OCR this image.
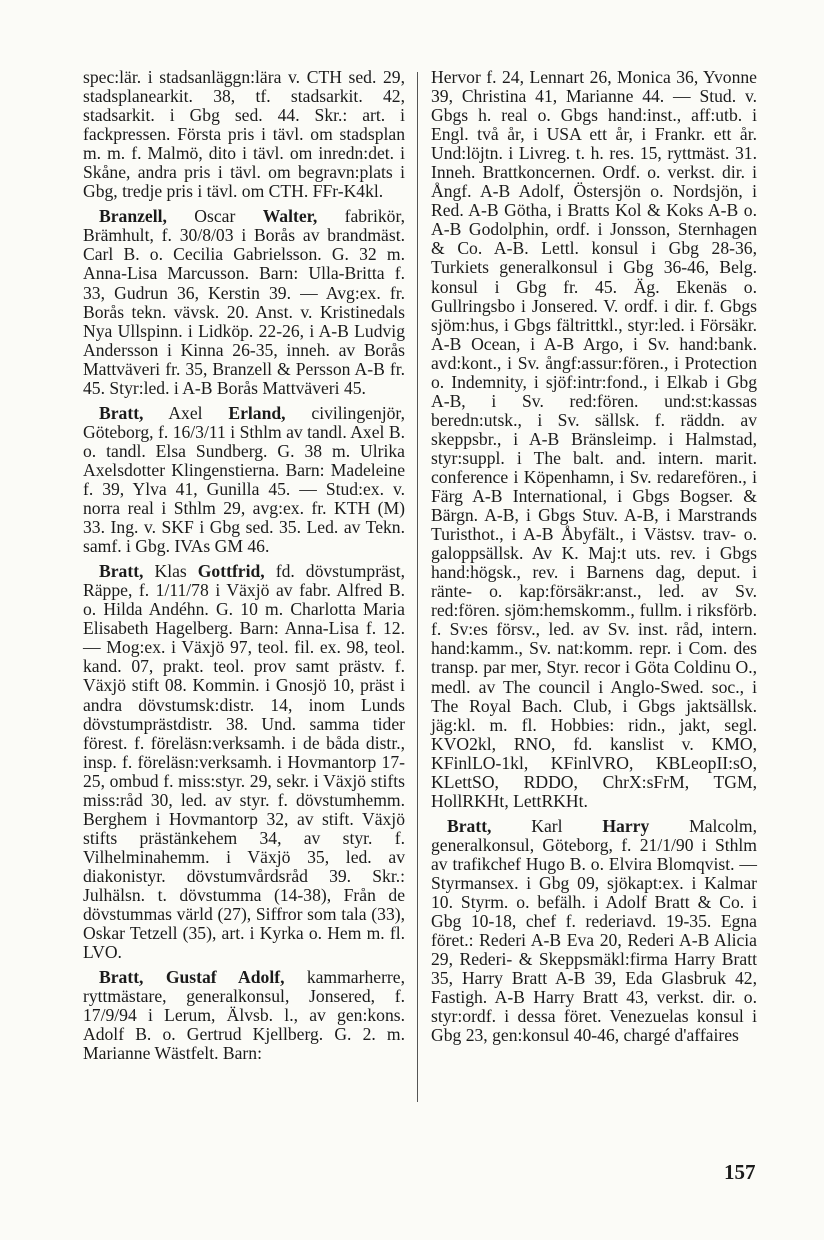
spec:lär. i stadsanläggn:lära v. CTH sed. 29, stadsplanearkit. 38, tf. stadsarkit. 42, stadsarkit. i Gbg sed. 44. Skr.: art. i fackpressen. Första pris i tävl. om stadsplan m. m. f. Malmö, dito i tävl. om inredn:det. i Skåne, andra pris i tävl. om begravn:plats i Gbg, tredje pris i tävl. om CTH. FFr-K4kl.

Branzell, Oscar Walter, fabrikör, Brämhult, f. 30/8/03 i Borås av brandmäst. Carl B. o. Cecilia Gabrielsson. G. 32 m. Anna-Lisa Marcusson. Barn: Ulla-Britta f. 33, Gudrun 36, Kerstin 39. — Avg:ex. fr. Borås tekn. vävsk. 20. Anst. v. Kristinedals Nya Ullspinn. i Lidköp. 22-26, i A-B Ludvig Andersson i Kinna 26-35, inneh. av Borås Mattväveri fr. 35, Branzell & Persson A-B fr. 45. Styr:led. i A-B Borås Mattväveri 45.

Bratt, Axel Erland, civilingenjör, Göteborg, f. 16/3/11 i Sthlm av tandl. Axel B. o. tandl. Elsa Sundberg. G. 38 m. Ulrika Axelsdotter Klingenstierna. Barn: Madeleine f. 39, Ylva 41, Gunilla 45. — Stud:ex. v. norra real i Sthlm 29, avg:ex. fr. KTH (M) 33. Ing. v. SKF i Gbg sed. 35. Led. av Tekn. samf. i Gbg. IVAs GM 46.

Bratt, Klas Gottfrid, fd. dövstumpräst, Räppe, f. 1/11/78 i Växjö av fabr. Alfred B. o. Hilda Andéhn. G. 10 m. Charlotta Maria Elisabeth Hagelberg. Barn: Anna-Lisa f. 12. — Mog:ex. i Växjö 97, teol. fil. ex. 98, teol. kand. 07, prakt. teol. prov samt prästv. f. Växjö stift 08. Kommin. i Gnosjö 10, präst i andra dövstumsk:distr. 14, inom Lunds dövstumprästdistr. 38. Und. samma tider förest. f. föreläsn:verksamh. i de båda distr., insp. f. föreläsn:verksamh. i Hovmantorp 17-25, ombud f. miss:styr. 29, sekr. i Växjö stifts miss:råd 30, led. av styr. f. dövstumhemm. Berghem i Hovmantorp 32, av stift. Växjö stifts prästänkehem 34, av styr. f. Vilhelminahemm. i Växjö 35, led. av diakonistyr. dövstumvårdsråd 39. Skr.: Julhälsn. t. dövstumma (14-38), Från de dövstummas värld (27), Siffror som tala (33), Oskar Tetzell (35), art. i Kyrka o. Hem m. fl. LVO.

Bratt, Gustaf Adolf, kammarherre, ryttmästare, generalkonsul, Jonsered, f. 17/9/94 i Lerum, Älvsb. l., av gen:kons. Adolf B. o. Gertrud Kjellberg. G. 2. m. Marianne Wästfelt. Barn:

Hervor f. 24, Lennart 26, Monica 36, Yvonne 39, Christina 41, Marianne 44. — Stud. v. Gbgs h. real o. Gbgs hand:inst., aff:utb. i Engl. två år, i USA ett år, i Frankr. ett år. Und:löjtn. i Livreg. t. h. res. 15, ryttmäst. 31. Inneh. Brattkoncernen. Ordf. o. verkst. dir. i Ångf. A-B Adolf, Östersjön o. Nordsjön, i Red. A-B Götha, i Bratts Kol & Koks A-B o. A-B Godolphin, ordf. i Jonsson, Sternhagen & Co. A-B. Lettl. konsul i Gbg 28-36, Turkiets generalkonsul i Gbg 36-46, Belg. konsul i Gbg fr. 45. Äg. Ekenäs o. Gullringsbo i Jonsered. V. ordf. i dir. f. Gbgs sjöm:hus, i Gbgs fältrittkl., styr:led. i Försäkr. A-B Ocean, i A-B Argo, i Sv. hand:bank. avd:kont., i Sv. ångf:assur:fören., i Protection o. Indemnity, i sjöf:intr:fond., i Elkab i Gbg A-B, i Sv. red:fören. und:st:kassas beredn:utsk., i Sv. sällsk. f. räddn. av skeppsbr., i A-B Bränsleimp. i Halmstad, styr:suppl. i The balt. and. intern. marit. conference i Köpenhamn, i Sv. redarefören., i Färg A-B International, i Gbgs Bogser. & Bärgn. A-B, i Gbgs Stuv. A-B, i Marstrands Turisthot., i A-B Åbyfält., i Västsv. trav- o. galoppsällsk. Av K. Maj:t uts. rev. i Gbgs hand:högsk., rev. i Barnens dag, deput. i ränte- o. kap:försäkr:anst., led. av Sv. red:fören. sjöm:hemskomm., fullm. i riksförb. f. Sv:es försv., led. av Sv. inst. råd, intern. hand:kamm., Sv. nat:komm. repr. i Com. des transp. par mer, Styr. recor i Göta Coldinu O., medl. av The council i Anglo-Swed. soc., i The Royal Bach. Club, i Gbgs jaktsällsk. jäg:kl. m. fl. Hobbies: ridn., jakt, segl. KVO2kl, RNO, fd. kanslist v. KMO, KFinlLO-1kl, KFinlVRO, KBLeopII:sO, KLettSO, RDDO, ChrX:sFrM, TGM, HollRKHt, LettRKHt.

Bratt, Karl Harry Malcolm, generalkonsul, Göteborg, f. 21/1/90 i Sthlm av trafikchef Hugo B. o. Elvira Blomqvist. — Styrmansex. i Gbg 09, sjökapt:ex. i Kalmar 10. Styrm. o. befälh. i Adolf Bratt & Co. i Gbg 10-18, chef f. rederiavd. 19-35. Egna föret.: Rederi A-B Eva 20, Rederi A-B Alicia 29, Rederi- & Skeppsmäkl:firma Harry Bratt 35, Harry Bratt A-B 39, Eda Glasbruk 42, Fastigh. A-B Harry Bratt 43, verkst. dir. o. styr:ordf. i dessa föret. Venezuelas konsul i Gbg 23, gen:konsul 40-46, chargé d'affaires

157
